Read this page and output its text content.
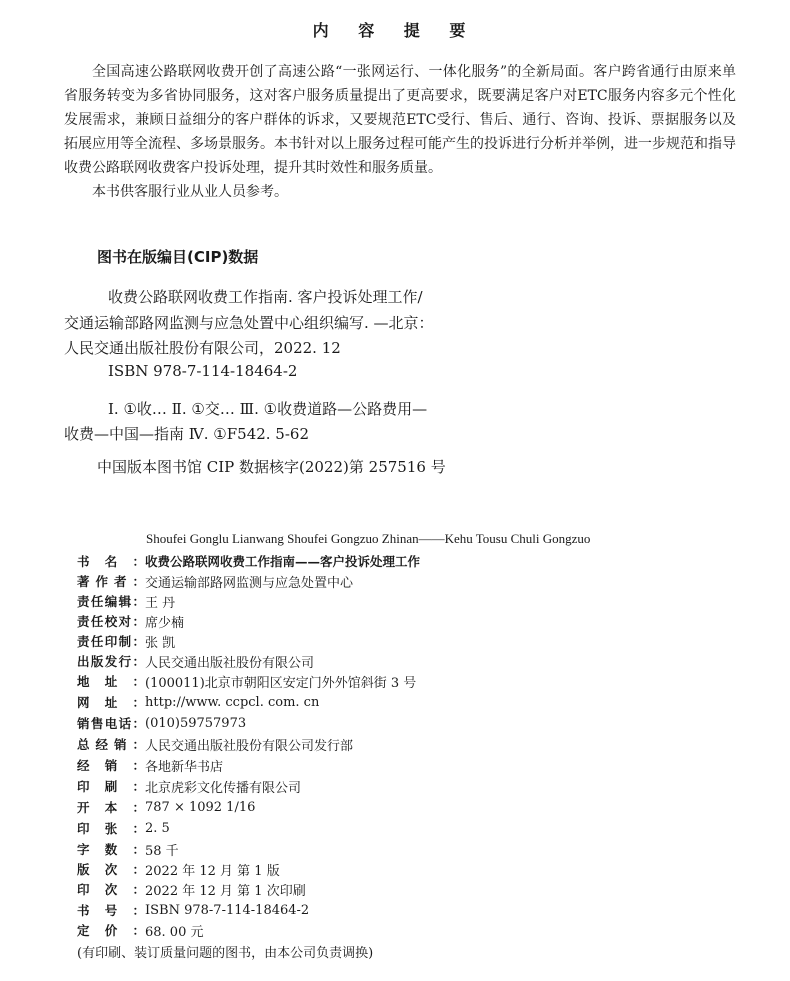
内 容 提 要

全国高速公路联网收费开创了高速公路“一张网运行、一体化服务”的全新局面。客户跨省通行由原来单省服务转变为多省协同服务，这对客户服务质量提出了更高要求，既要满足客户对ETC服务内容多元个性化发展需求，兼顾日益细分的客户群体的诉求，又要规范ETC受行、售后、通行、咨询、投诉、票据服务以及拓展应用等全流程、多场景服务。本书针对以上服务过程可能产生的投诉进行分析并举例，进一步规范和指导收费公路联网收费客户投诉处理，提升其时效性和服务质量。

本书供客服行业从业人员参考。

图书在版编目(CIP)数据
收费公路联网收费工作指南. 客户投诉处理工作/
交通运输部路网监测与应急处置中心组织编写. —北京：
人民交通出版社股份有限公司，2022. 12
ISBN 978-7-114-18464-2
Ⅰ. ①收… Ⅱ. ①交… Ⅲ. ①收费道路—公路费用—
收费—中国—指南 Ⅳ. ①F542. 5-62
中国版本图书馆 CIP 数据核字(2022)第 257516 号
Shoufei Gonglu Lianwang Shoufei Gongzuo Zhinan——Kehu Tousu Chuli Gongzuo
书名： 收费公路联网收费工作指南——客户投诉处理工作
著作者： 交通运输部路网监测与应急处置中心
责任编辑： 王 丹
责任校对： 席少楠
责任印制： 张 凯
出版发行： 人民交通出版社股份有限公司
地址： (100011)北京市朝阳区安定门外外馆斜街 3 号
网址： http://www. ccpcl. com. cn
销售电话： (010)59757973
总经销： 人民交通出版社股份有限公司发行部
经销： 各地新华书店
印刷： 北京虎彩文化传播有限公司
开本： 787 × 1092 1/16
印张： 2. 5
字数： 58 千
版次： 2022 年 12 月 第 1 版
印次： 2022 年 12 月 第 1 次印刷
书号： ISBN 978-7-114-18464-2
定价： 68. 00 元
(有印刷、装订质量问题的图书，由本公司负责调换)
